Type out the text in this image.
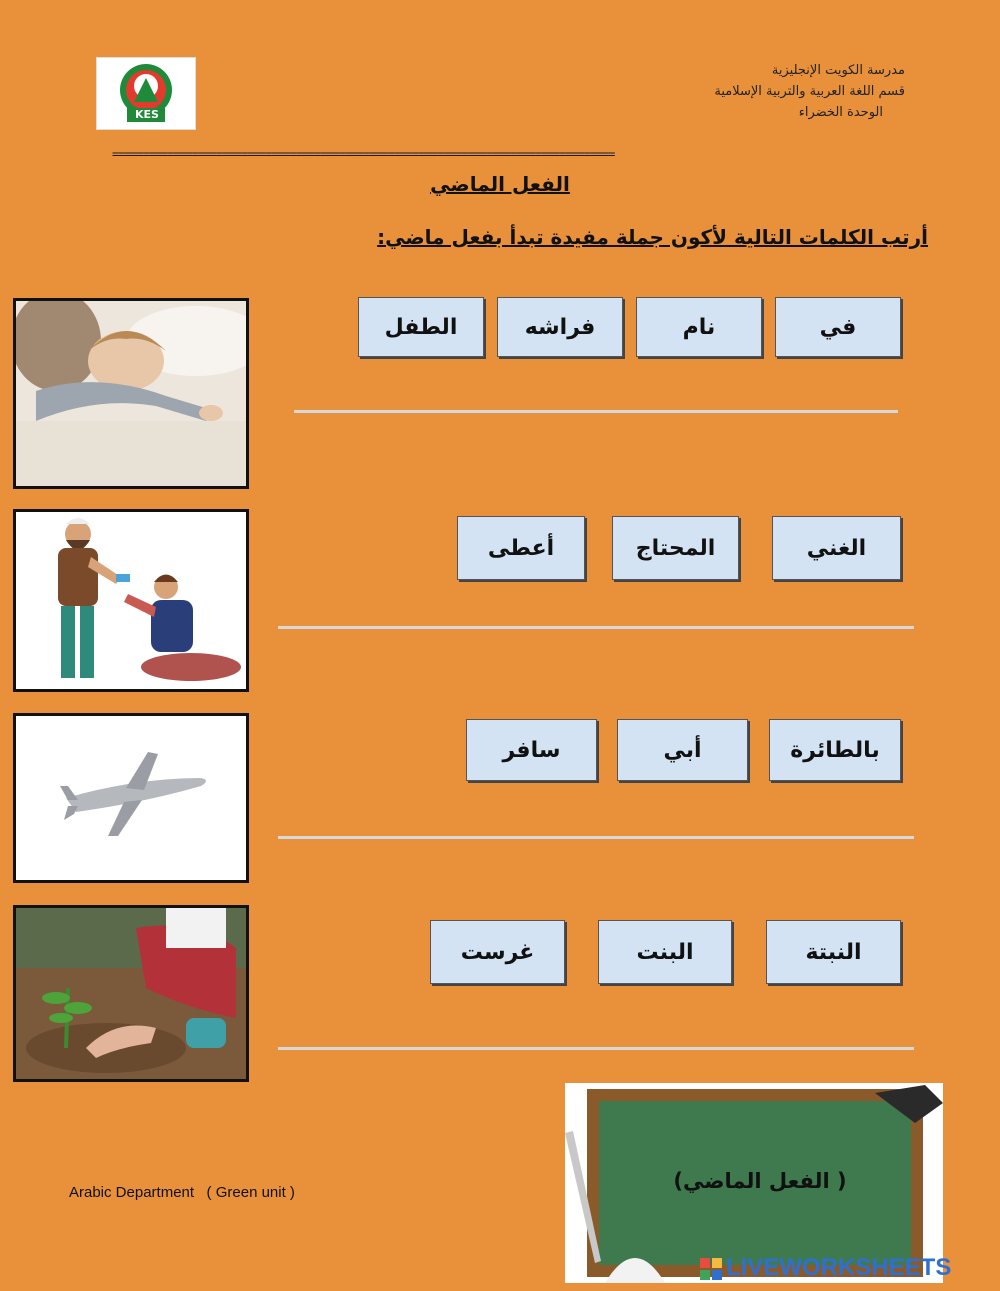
KES
مدرسة الكويت الإنجليزية
قسم اللغة العربية والتربية الإسلامية
الوحدة الخضراء
==================================================================================
الفعل الماضي
أرتب الكلمات التالية لأكون جملة مفيدة تبدأ بفعل ماضي:
في
نام
فراشه
الطفل
الغني
المحتاج
أعطى
بالطائرة
أبي
سافر
النبتة
البنت
غرست
Arabic Department   ( Green unit )	( الفعل الماضي)
LIVEWORKSHEETS
